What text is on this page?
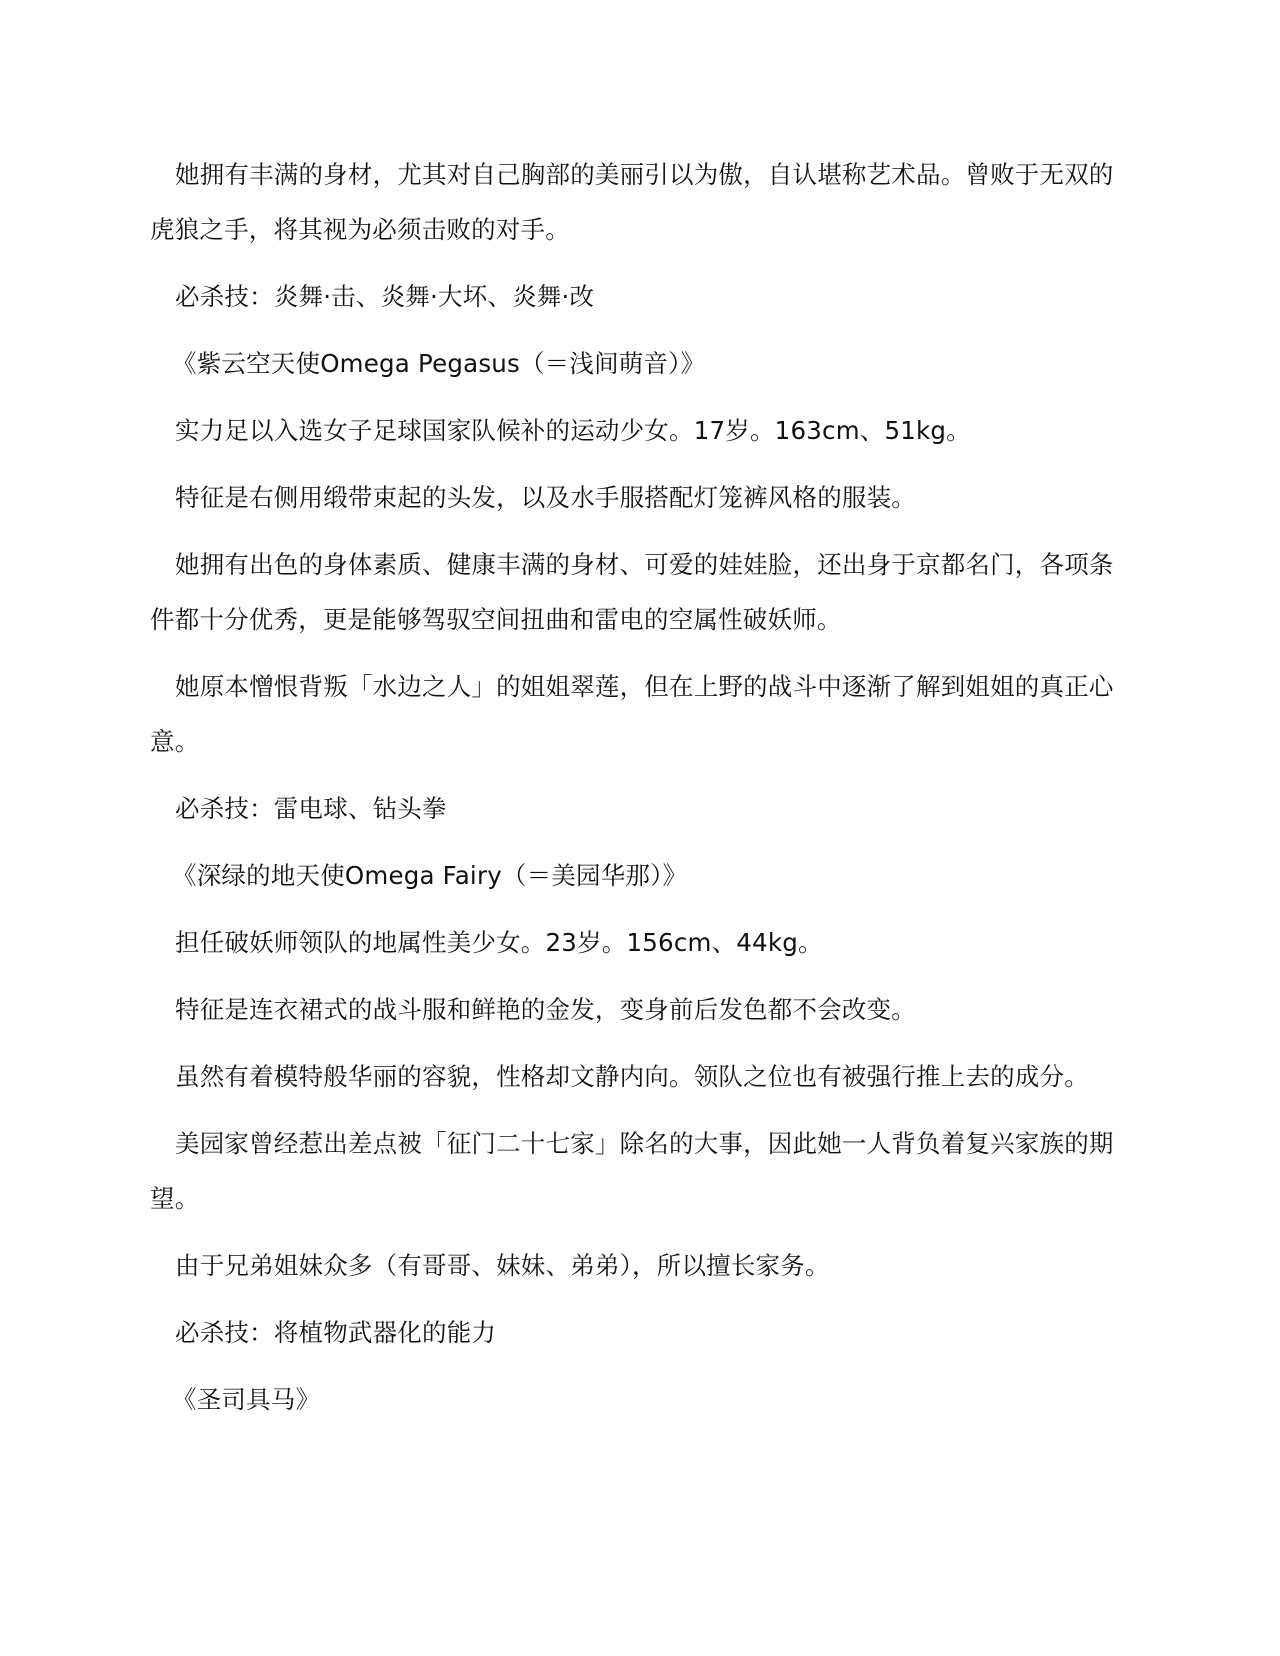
她拥有丰满的身材，尤其对自己胸部的美丽引以为傲，自认堪称艺术品。曾败于无双的虎狼之手，将其视为必须击败的对手。

必杀技：炎舞·击、炎舞·大坏、炎舞·改

《紫云空天使Omega Pegasus（＝浅间萌音）》

实力足以入选女子足球国家队候补的运动少女。17岁。163cm、51kg。

特征是右侧用缎带束起的头发，以及水手服搭配灯笼裤风格的服装。

她拥有出色的身体素质、健康丰满的身材、可爱的娃娃脸，还出身于京都名门，各项条件都十分优秀，更是能够驾驭空间扭曲和雷电的空属性破妖师。

她原本憎恨背叛「水边之人」的姐姐翠莲，但在上野的战斗中逐渐了解到姐姐的真正心意。

必杀技：雷电球、钻头拳

《深绿的地天使Omega Fairy（＝美园华那）》

担任破妖师领队的地属性美少女。23岁。156cm、44kg。

特征是连衣裙式的战斗服和鲜艳的金发，变身前后发色都不会改变。

虽然有着模特般华丽的容貌，性格却文静内向。领队之位也有被强行推上去的成分。

美园家曾经惹出差点被「征门二十七家」除名的大事，因此她一人背负着复兴家族的期望。

由于兄弟姐妹众多（有哥哥、妹妹、弟弟），所以擅长家务。

必杀技：将植物武器化的能力

《圣司具马》
